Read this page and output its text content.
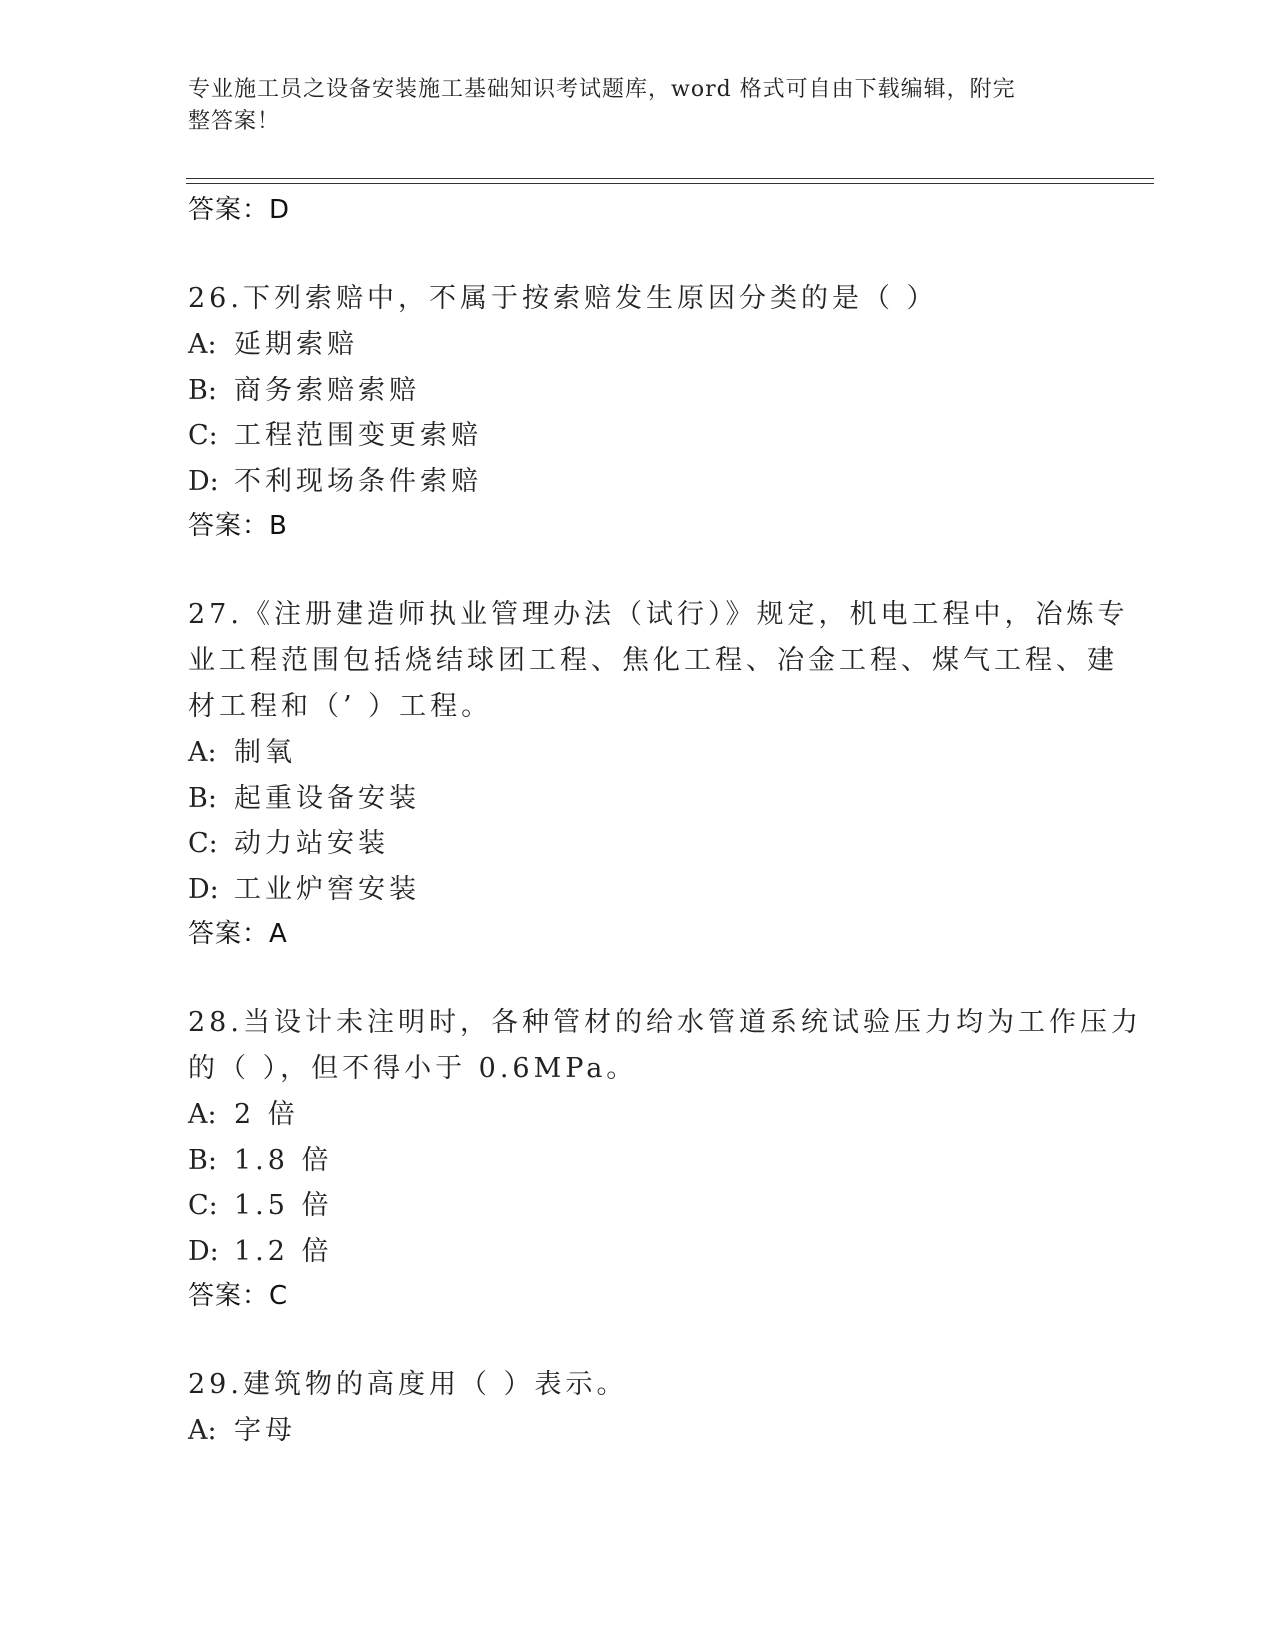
专业施工员之设备安装施工基础知识考试题库，word 格式可自由下载编辑，附完
整答案！
答案：D
26.下列索赔中，不属于按索赔发生原因分类的是（ ）
A: 延期索赔
B: 商务索赔索赔
C: 工程范围变更索赔
D: 不利现场条件索赔
答案：B
27.《注册建造师执业管理办法（试行）》规定，机电工程中，冶炼专
业工程范围包括烧结球团工程、焦化工程、冶金工程、煤气工程、建
材工程和（’ ）工程。
A: 制氧
B: 起重设备安装
C: 动力站安装
D: 工业炉窖安装
答案：A
28.当设计未注明时，各种管材的给水管道系统试验压力均为工作压力
的（ ），但不得小于 0.6MPa。
A: 2 倍
B: 1.8 倍
C: 1.5 倍
D: 1.2 倍
答案：C
29.建筑物的高度用（ ）表示。
A: 字母
